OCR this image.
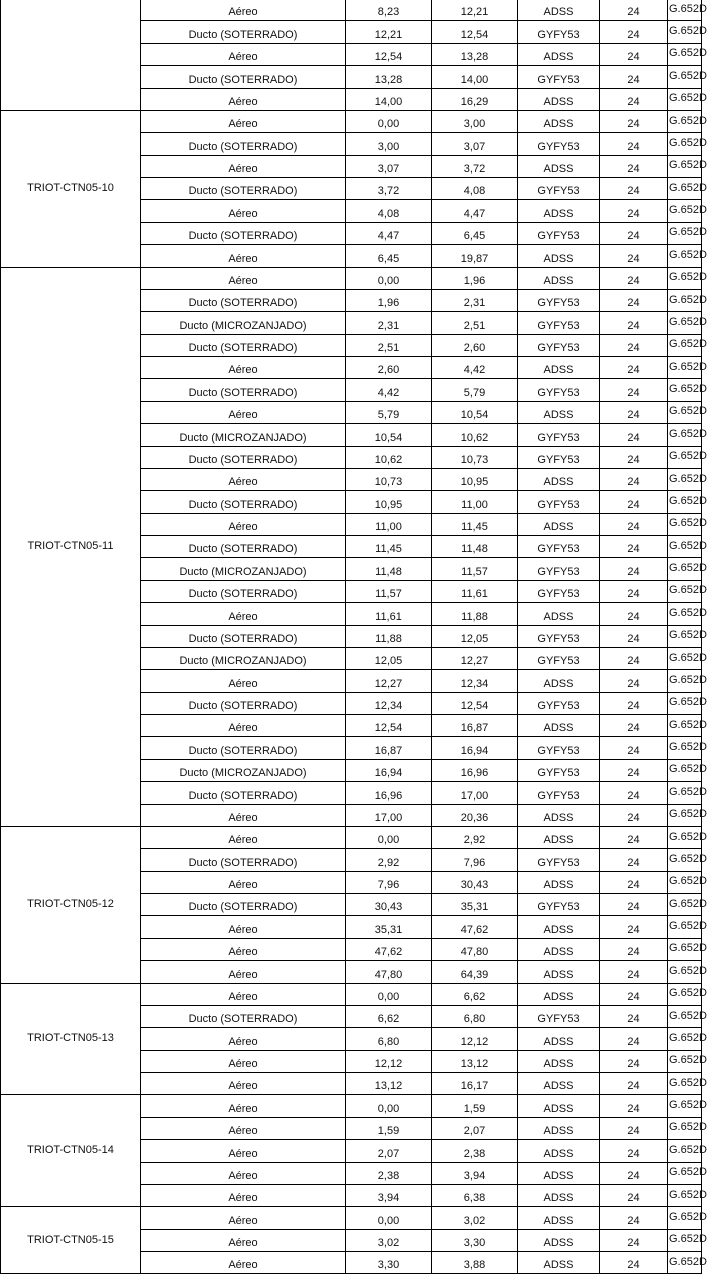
	Aéreo	8,23	12,21	ADSS	24	G.652D
	Ducto (SOTERRADO)	12,21	12,54	GYFY53	24	G.652D
	Aéreo	12,54	13,28	ADSS	24	G.652D
	Ducto (SOTERRADO)	13,28	14,00	GYFY53	24	G.652D
	Aéreo	14,00	16,29	ADSS	24	G.652D
TRIOT-CTN05-10	Aéreo	0,00	3,00	ADSS	24	G.652D
	Ducto (SOTERRADO)	3,00	3,07	GYFY53	24	G.652D
	Aéreo	3,07	3,72	ADSS	24	G.652D
	Ducto (SOTERRADO)	3,72	4,08	GYFY53	24	G.652D
	Aéreo	4,08	4,47	ADSS	24	G.652D
	Ducto (SOTERRADO)	4,47	6,45	GYFY53	24	G.652D
	Aéreo	6,45	19,87	ADSS	24	G.652D
TRIOT-CTN05-11	Aéreo	0,00	1,96	ADSS	24	G.652D
	Ducto (SOTERRADO)	1,96	2,31	GYFY53	24	G.652D
	Ducto (MICROZANJADO)	2,31	2,51	GYFY53	24	G.652D
	Ducto (SOTERRADO)	2,51	2,60	GYFY53	24	G.652D
	Aéreo	2,60	4,42	ADSS	24	G.652D
	Ducto (SOTERRADO)	4,42	5,79	GYFY53	24	G.652D
	Aéreo	5,79	10,54	ADSS	24	G.652D
	Ducto (MICROZANJADO)	10,54	10,62	GYFY53	24	G.652D
	Ducto (SOTERRADO)	10,62	10,73	GYFY53	24	G.652D
	Aéreo	10,73	10,95	ADSS	24	G.652D
	Ducto (SOTERRADO)	10,95	11,00	GYFY53	24	G.652D
	Aéreo	11,00	11,45	ADSS	24	G.652D
	Ducto (SOTERRADO)	11,45	11,48	GYFY53	24	G.652D
	Ducto (MICROZANJADO)	11,48	11,57	GYFY53	24	G.652D
	Ducto (SOTERRADO)	11,57	11,61	GYFY53	24	G.652D
	Aéreo	11,61	11,88	ADSS	24	G.652D
	Ducto (SOTERRADO)	11,88	12,05	GYFY53	24	G.652D
	Ducto (MICROZANJADO)	12,05	12,27	GYFY53	24	G.652D
	Aéreo	12,27	12,34	ADSS	24	G.652D
	Ducto (SOTERRADO)	12,34	12,54	GYFY53	24	G.652D
	Aéreo	12,54	16,87	ADSS	24	G.652D
	Ducto (SOTERRADO)	16,87	16,94	GYFY53	24	G.652D
	Ducto (MICROZANJADO)	16,94	16,96	GYFY53	24	G.652D
	Ducto (SOTERRADO)	16,96	17,00	GYFY53	24	G.652D
	Aéreo	17,00	20,36	ADSS	24	G.652D
TRIOT-CTN05-12	Aéreo	0,00	2,92	ADSS	24	G.652D
	Ducto (SOTERRADO)	2,92	7,96	GYFY53	24	G.652D
	Aéreo	7,96	30,43	ADSS	24	G.652D
	Ducto (SOTERRADO)	30,43	35,31	GYFY53	24	G.652D
	Aéreo	35,31	47,62	ADSS	24	G.652D
	Aéreo	47,62	47,80	ADSS	24	G.652D
	Aéreo	47,80	64,39	ADSS	24	G.652D
TRIOT-CTN05-13	Aéreo	0,00	6,62	ADSS	24	G.652D
	Ducto (SOTERRADO)	6,62	6,80	GYFY53	24	G.652D
	Aéreo	6,80	12,12	ADSS	24	G.652D
	Aéreo	12,12	13,12	ADSS	24	G.652D
	Aéreo	13,12	16,17	ADSS	24	G.652D
TRIOT-CTN05-14	Aéreo	0,00	1,59	ADSS	24	G.652D
	Aéreo	1,59	2,07	ADSS	24	G.652D
	Aéreo	2,07	2,38	ADSS	24	G.652D
	Aéreo	2,38	3,94	ADSS	24	G.652D
	Aéreo	3,94	6,38	ADSS	24	G.652D
TRIOT-CTN05-15	Aéreo	0,00	3,02	ADSS	24	G.652D
	Aéreo	3,02	3,30	ADSS	24	G.652D
	Aéreo	3,30	3,88	ADSS	24	G.652D
